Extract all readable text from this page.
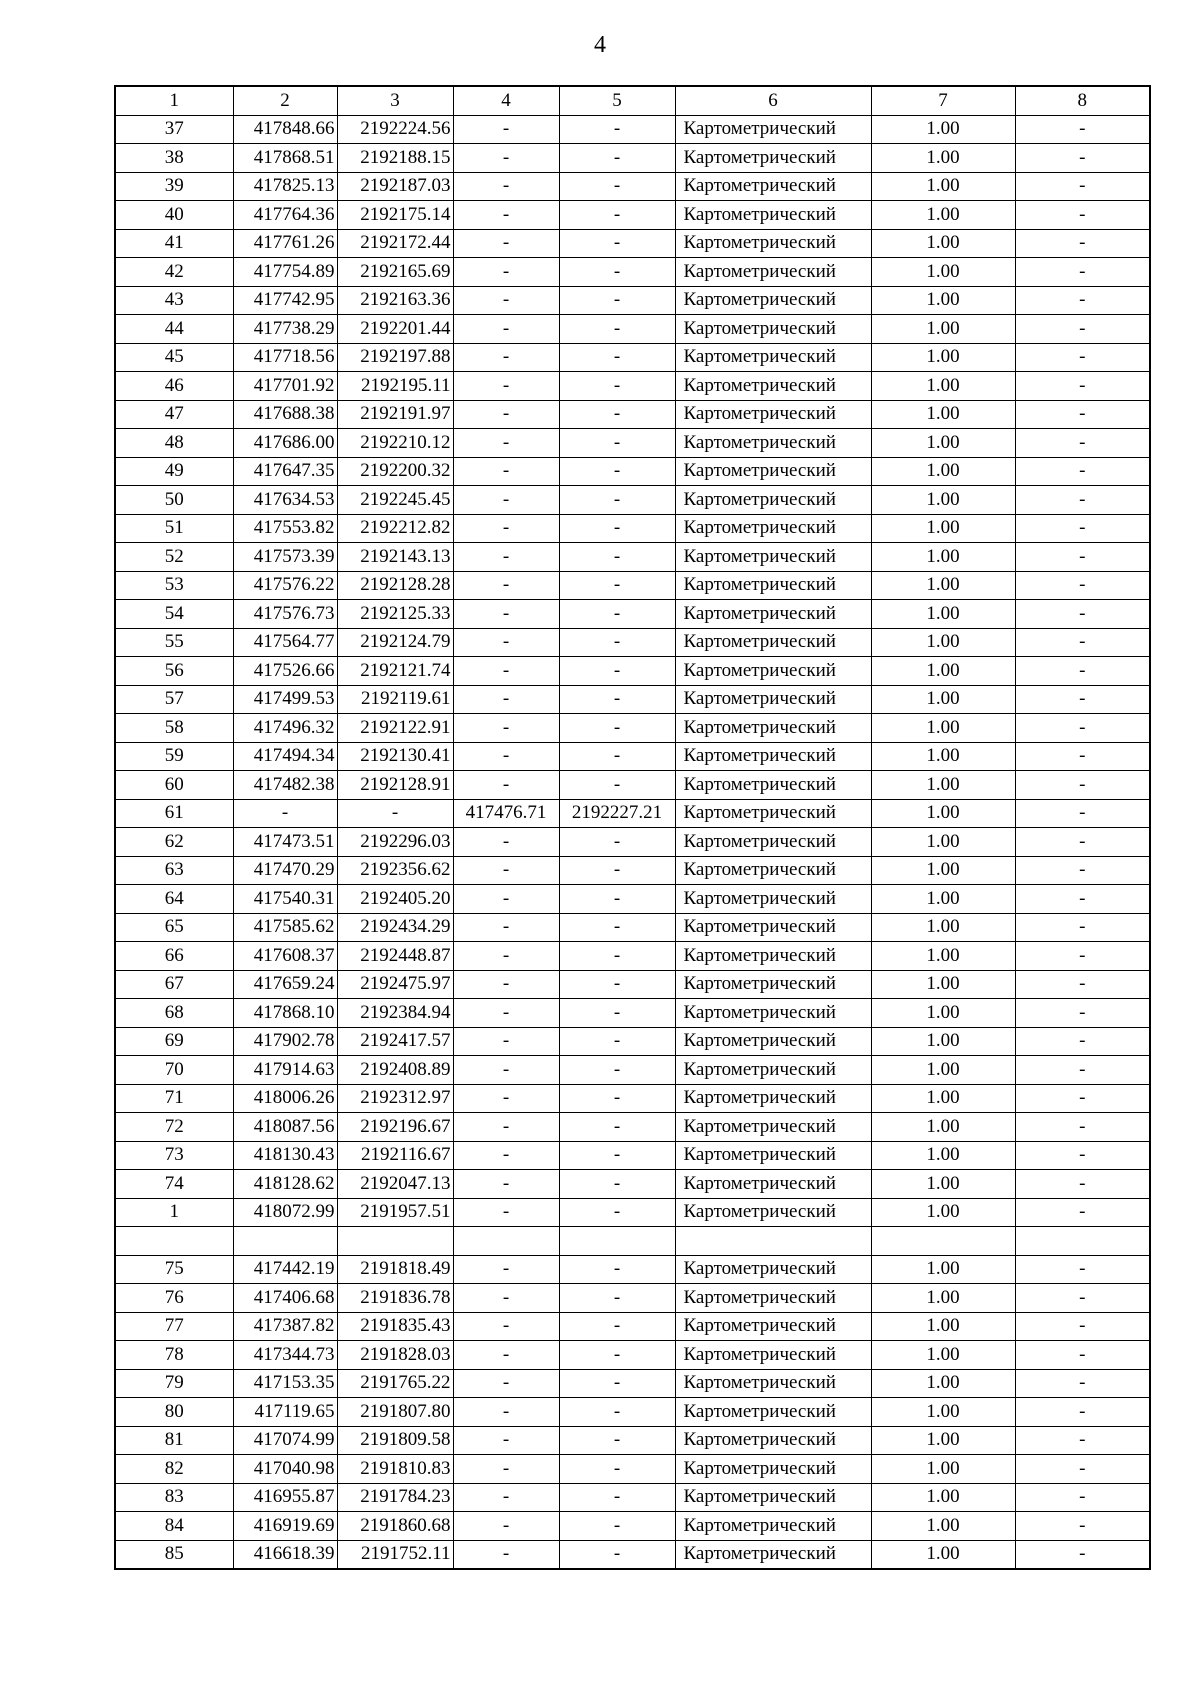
4
1	2	3	4	5	6	7	8
37	417848.66	2192224.56	-	-	Картометрический	1.00	-
38	417868.51	2192188.15	-	-	Картометрический	1.00	-
39	417825.13	2192187.03	-	-	Картометрический	1.00	-
40	417764.36	2192175.14	-	-	Картометрический	1.00	-
41	417761.26	2192172.44	-	-	Картометрический	1.00	-
42	417754.89	2192165.69	-	-	Картометрический	1.00	-
43	417742.95	2192163.36	-	-	Картометрический	1.00	-
44	417738.29	2192201.44	-	-	Картометрический	1.00	-
45	417718.56	2192197.88	-	-	Картометрический	1.00	-
46	417701.92	2192195.11	-	-	Картометрический	1.00	-
47	417688.38	2192191.97	-	-	Картометрический	1.00	-
48	417686.00	2192210.12	-	-	Картометрический	1.00	-
49	417647.35	2192200.32	-	-	Картометрический	1.00	-
50	417634.53	2192245.45	-	-	Картометрический	1.00	-
51	417553.82	2192212.82	-	-	Картометрический	1.00	-
52	417573.39	2192143.13	-	-	Картометрический	1.00	-
53	417576.22	2192128.28	-	-	Картометрический	1.00	-
54	417576.73	2192125.33	-	-	Картометрический	1.00	-
55	417564.77	2192124.79	-	-	Картометрический	1.00	-
56	417526.66	2192121.74	-	-	Картометрический	1.00	-
57	417499.53	2192119.61	-	-	Картометрический	1.00	-
58	417496.32	2192122.91	-	-	Картометрический	1.00	-
59	417494.34	2192130.41	-	-	Картометрический	1.00	-
60	417482.38	2192128.91	-	-	Картометрический	1.00	-
61	-	-	417476.71	2192227.21	Картометрический	1.00	-
62	417473.51	2192296.03	-	-	Картометрический	1.00	-
63	417470.29	2192356.62	-	-	Картометрический	1.00	-
64	417540.31	2192405.20	-	-	Картометрический	1.00	-
65	417585.62	2192434.29	-	-	Картометрический	1.00	-
66	417608.37	2192448.87	-	-	Картометрический	1.00	-
67	417659.24	2192475.97	-	-	Картометрический	1.00	-
68	417868.10	2192384.94	-	-	Картометрический	1.00	-
69	417902.78	2192417.57	-	-	Картометрический	1.00	-
70	417914.63	2192408.89	-	-	Картометрический	1.00	-
71	418006.26	2192312.97	-	-	Картометрический	1.00	-
72	418087.56	2192196.67	-	-	Картометрический	1.00	-
73	418130.43	2192116.67	-	-	Картометрический	1.00	-
74	418128.62	2192047.13	-	-	Картометрический	1.00	-
1	418072.99	2191957.51	-	-	Картометрический	1.00	-

75	417442.19	2191818.49	-	-	Картометрический	1.00	-
76	417406.68	2191836.78	-	-	Картометрический	1.00	-
77	417387.82	2191835.43	-	-	Картометрический	1.00	-
78	417344.73	2191828.03	-	-	Картометрический	1.00	-
79	417153.35	2191765.22	-	-	Картометрический	1.00	-
80	417119.65	2191807.80	-	-	Картометрический	1.00	-
81	417074.99	2191809.58	-	-	Картометрический	1.00	-
82	417040.98	2191810.83	-	-	Картометрический	1.00	-
83	416955.87	2191784.23	-	-	Картометрический	1.00	-
84	416919.69	2191860.68	-	-	Картометрический	1.00	-
85	416618.39	2191752.11	-	-	Картометрический	1.00	-
